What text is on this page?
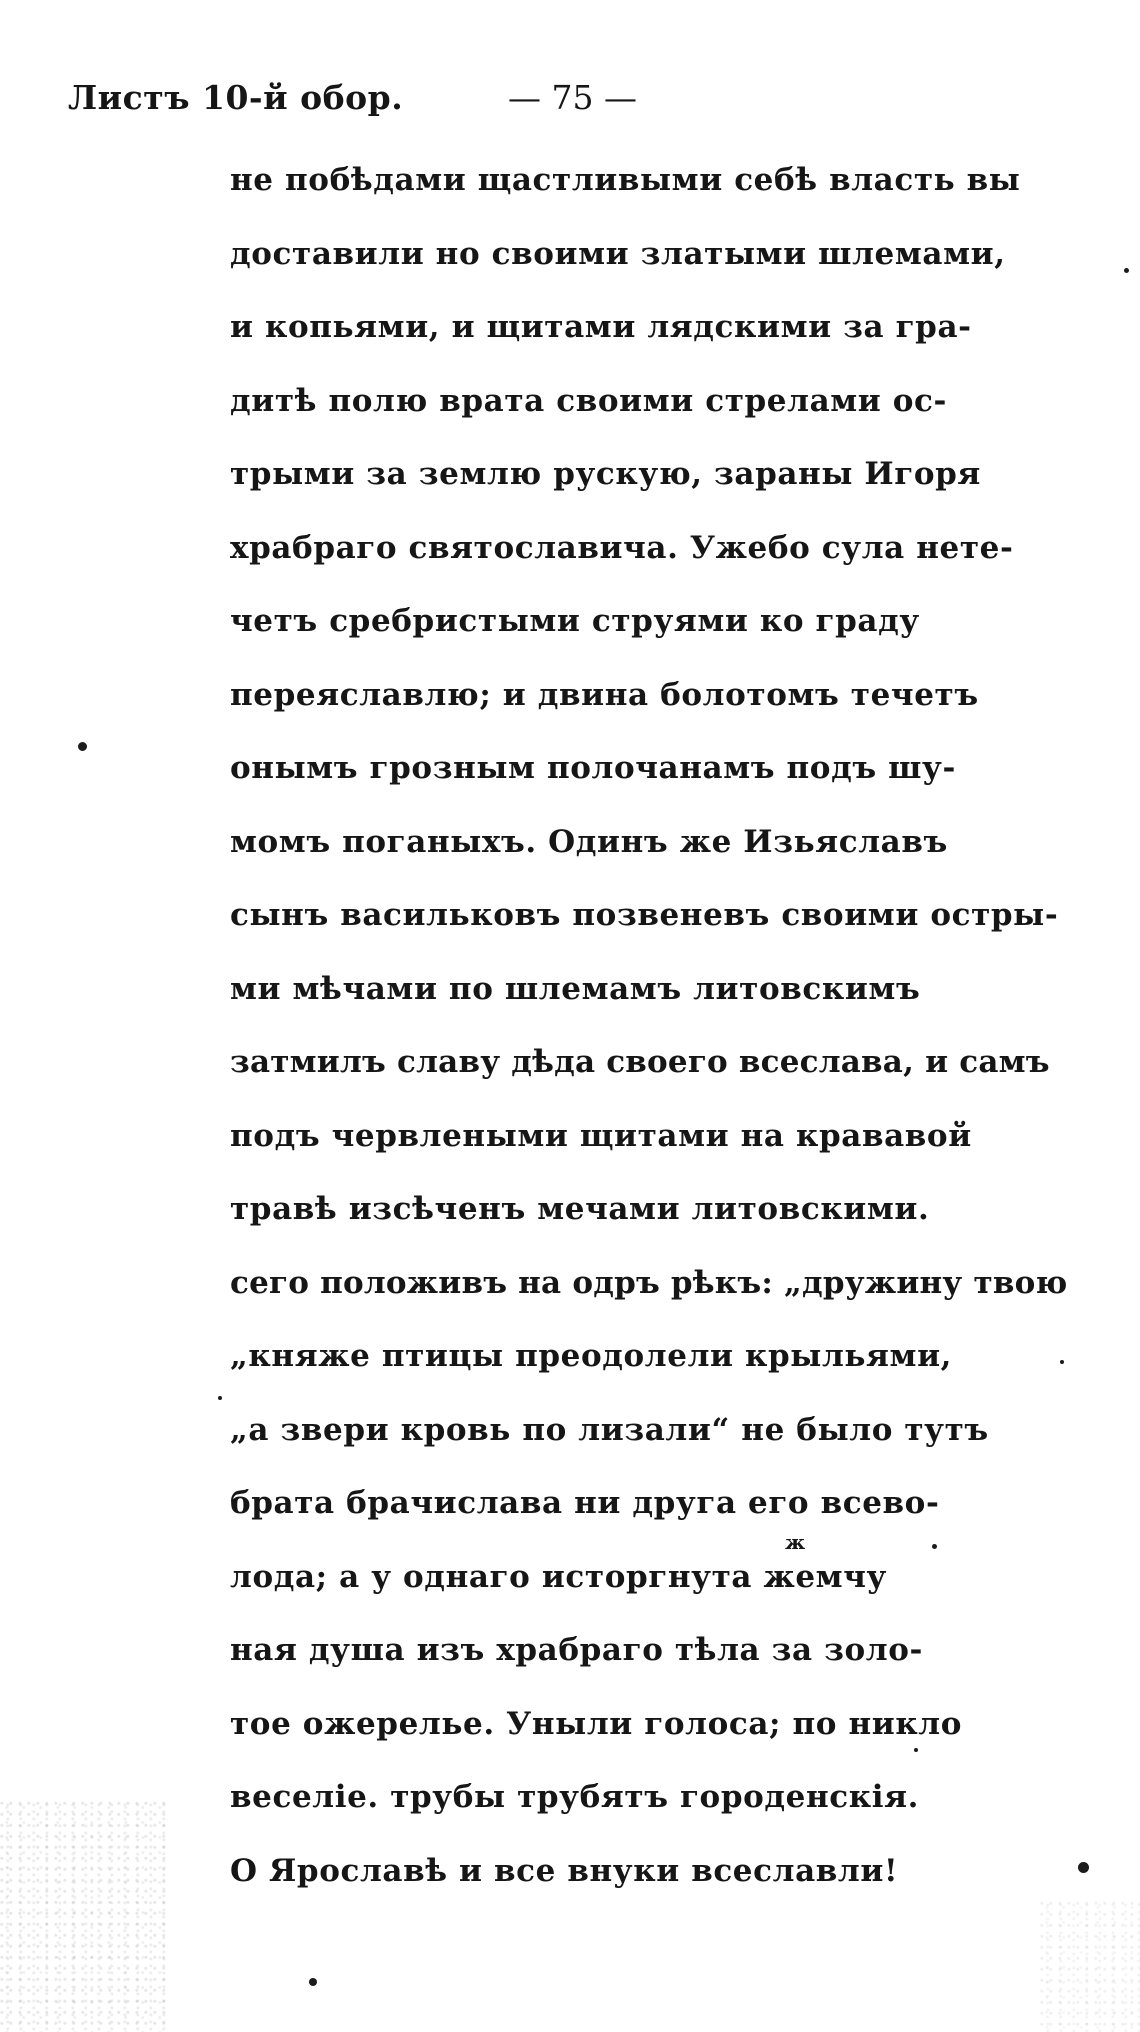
Листъ 10-й обор.	— 75 —
не побѣдами щастливыми себѣ власть вы
доставили но своими златыми шлемами,
и копьями, и щитами лядскими за гра-
дитѣ полю врата своими стрелами ос-
трыми за землю рускую, зараны Игоря
храбраго святославича. Ужебо сула нете-
четъ сребристыми струями ко граду
переяславлю; и двина болотомъ течетъ
онымъ грозным полочанамъ подъ шу-
момъ поганыхъ. Одинъ же Изьяславъ
сынъ васильковъ позвеневъ своими остры-
ми мѣчами по шлемамъ литовскимъ
затмилъ славу дѣда своего всеслава, и самъ
подъ червлеными щитами на крававой
травѣ изсѣченъ мечами литовскими.
сего положивъ на одръ рѣкъ: „дружину твою
„княже птицы преодолели крыльями,
„а звери кровь по лизали“ не было тутъ
брата брачислава ни друга его всево-
лода; а у однаго исторгнута жемчу
ная душа изъ храбраго тѣла за золо-
тое ожерелье. Уныли голоса; по никло
веселіе. трубы трубятъ городенскія.
О Ярославѣ и все внуки всеславли!
ж
